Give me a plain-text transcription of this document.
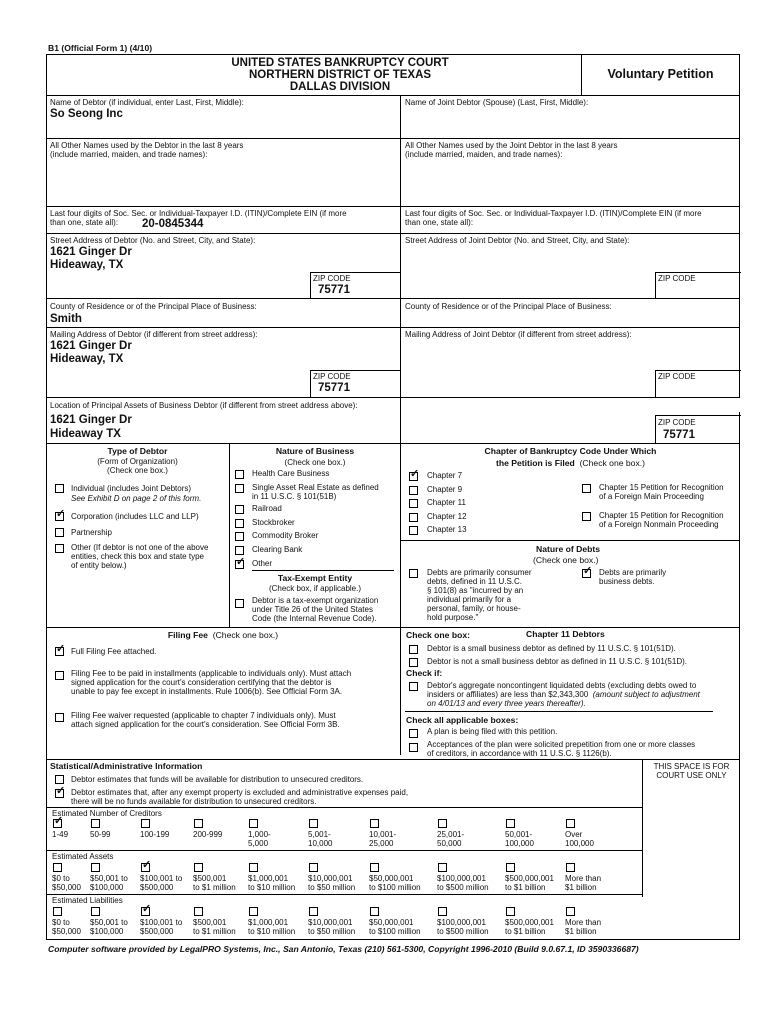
B1 (Official Form 1) (4/10)
UNITED STATES BANKRUPTCY COURT
NORTHERN DISTRICT OF TEXAS
DALLAS DIVISION
Voluntary Petition
Name of Debtor (if individual, enter Last, First, Middle):
So Seong Inc
Name of Joint Debtor (Spouse) (Last, First, Middle):
All Other Names used by the Debtor in the last 8 years
(include married, maiden, and trade names):
All Other Names used by the Joint Debtor in the last 8 years
(include married, maiden, and trade names):
Last four digits of Soc. Sec. or Individual-Taxpayer I.D. (ITIN)/Complete EIN (if more
than one, state all): 20-0845344
Last four digits of Soc. Sec. or Individual-Taxpayer I.D. (ITIN)/Complete EIN (if more
than one, state all):
Street Address of Debtor (No. and Street, City, and State):
1621 Ginger Dr
Hideaway, TX
Street Address of Joint Debtor (No. and Street, City, and State):
ZIP CODE
75771
ZIP CODE
County of Residence or of the Principal Place of Business:
Smith
County of Residence or of the Principal Place of Business:
Mailing Address of Debtor (if different from street address):
1621 Ginger Dr
Hideaway, TX
Mailing Address of Joint Debtor (if different from street address):
ZIP CODE
75771
ZIP CODE
Location of Principal Assets of Business Debtor (if different from street address above):
1621 Ginger Dr
Hideaway TX
ZIP CODE
75771
Type of Debtor
(Form of Organization)
(Check one box.)
Individual (includes Joint Debtors)
See Exhibit D on page 2 of this form.
✓
Corporation (includes LLC and LLP)
Partnership
Other (If debtor is not one of the above
entities, check this box and state type
of entity below.)
Nature of Business
(Check one box.)
Health Care Business
Single Asset Real Estate as defined
in 11 U.S.C. § 101(51B)
Railroad
Stockbroker
Commodity Broker
Clearing Bank
✓
Other
Tax-Exempt Entity
(Check box, if applicable.)
Debtor is a tax-exempt organization
under Title 26 of the United States
Code (the Internal Revenue Code).
Chapter of Bankruptcy Code Under Which
the Petition is Filed (Check one box.)
✓
Chapter 7
Chapter 9
Chapter 11
Chapter 12
Chapter 13
Chapter 15 Petition for Recognition
of a Foreign Main Proceeding
Chapter 15 Petition for Recognition
of a Foreign Nonmain Proceeding
Nature of Debts
(Check one box.)
Debts are primarily consumer
debts, defined in 11 U.S.C.
§ 101(8) as "incurred by an
individual primarily for a
personal, family, or house-
hold purpose."
✓
Debts are primarily
business debts.
Filing Fee (Check one box.)
✓
Full Filing Fee attached.
Filing Fee to be paid in installments (applicable to individuals only). Must attach
signed application for the court's consideration certifying that the debtor is
unable to pay fee except in installments. Rule 1006(b). See Official Form 3A.
Filing Fee waiver requested (applicable to chapter 7 individuals only). Must
attach signed application for the court's consideration. See Official Form 3B.
Check one box:	Chapter 11 Debtors
Debtor is a small business debtor as defined by 11 U.S.C. § 101(51D).
Debtor is not a small business debtor as defined in 11 U.S.C. § 101(51D).
Check if:
Debtor's aggregate noncontingent liquidated debts (excluding debts owed to
insiders or affiliates) are less than $2,343,300 (amount subject to adjustment
on 4/01/13 and every three years thereafter).
Check all applicable boxes:
A plan is being filed with this petition.
Acceptances of the plan were solicited prepetition from one or more classes
of creditors, in accordance with 11 U.S.C. § 1126(b).
Statistical/Administrative Information	THIS SPACE IS FOR
COURT USE ONLY
Debtor estimates that funds will be available for distribution to unsecured creditors.
✓
Debtor estimates that, after any exempt property is excluded and administrative expenses paid,
there will be no funds available for distribution to unsecured creditors.
Estimated Number of Creditors
✓
1-49	50-99	100-199	200-999	1,000-
5,000
5,001-
10,000
10,001-
25,000
25,001-
50,000
50,001-
100,000
Over
100,000
Estimated Assets
$0 to
$50,000
$50,001 to
$100,000
✓
$100,001 to
$500,000
$500,001
to $1 million
$1,000,001
to $10 million
$10,000,001
to $50 million
$50,000,001
to $100 million
$100,000,001
to $500 million
$500,000,001
to $1 billion
More than
$1 billion
Estimated Liabilities
$0 to
$50,000
$50,001 to
$100,000
✓
$100,001 to
$500,000
$500,001
to $1 million
$1,000,001
to $10 million
$10,000,001
to $50 million
$50,000,001
to $100 million
$100,000,001
to $500 million
$500,000,001
to $1 billion
More than
$1 billion
Computer software provided by LegalPRO Systems, Inc., San Antonio, Texas (210) 561-5300, Copyright 1996-2010 (Build 9.0.67.1, ID 3590336687)
